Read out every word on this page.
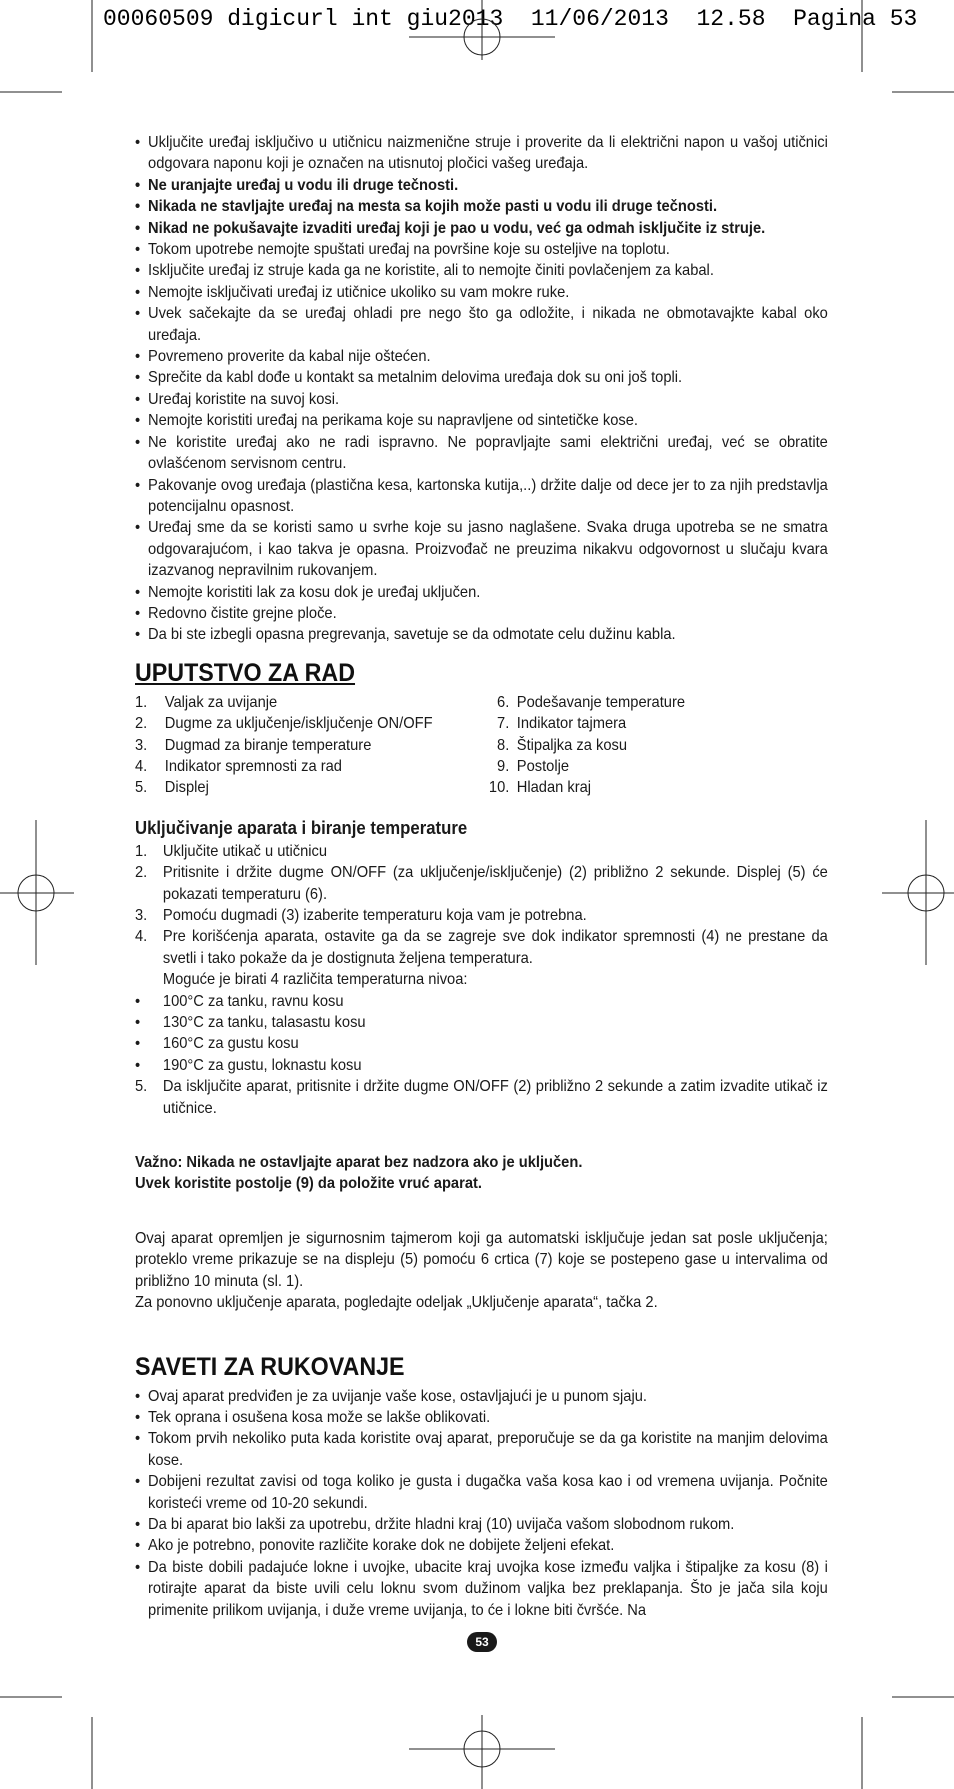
00060509 digicurl int giu2013  11/06/2013  12.58  Pagina 53
• Uključite uređaj isključivo u utičnicu naizmenične struje i proverite da li električni napon u vašoj utičnici odgovara naponu koji je označen na utisnutoj pločici vašeg uređaja.
• Ne uranjajte uređaj u vodu ili druge tečnosti.
• Nikada ne stavljajte uređaj na mesta sa kojih može pasti u vodu ili druge tečnosti.
• Nikad ne pokušavajte izvaditi uređaj koji je pao u vodu, već ga odmah isključite iz struje.
• Tokom upotrebe nemojte spuštati uređaj na površine koje su osteljive na toplotu.
• Isključite uređaj iz struje kada ga ne koristite, ali to nemojte činiti povlačenjem za kabal.
• Nemojte isključivati uređaj iz utičnice ukoliko su vam mokre ruke.
• Uvek sačekajte da se uređaj ohladi pre nego što ga odložite, i nikada ne obmotavajkte kabal oko uređaja.
• Povremeno proverite da kabal nije oštećen.
• Sprečite da kabl dođe u kontakt sa metalnim delovima uređaja dok su oni još topli.
• Uređaj koristite na suvoj kosi.
• Nemojte koristiti uređaj na perikama koje su napravljene od sintetičke kose.
• Ne koristite uređaj ako ne radi ispravno. Ne popravljajte sami električni uređaj, već se obratite ovlašćenom servisnom centru.
• Pakovanje ovog uređaja (plastična kesa, kartonska kutija,..) držite dalje od dece jer to za njih predstavlja potencijalnu opasnost.
• Uređaj sme da se koristi samo u svrhe koje su jasno naglašene. Svaka druga upotreba se ne smatra odgovarajućom, i kao takva je opasna. Proizvođač ne preuzima nikakvu odgovornost u slučaju kvara izazvanog nepravilnim rukovanjem.
• Nemojte koristiti lak za kosu dok je uređaj uključen.
• Redovno čistite grejne ploče.
• Da bi ste izbegli opasna pregrevanja, savetuje se da odmotate celu dužinu kabla.
UPUTSTVO ZA RAD
1.	Valjak za uvijanje
2.	Dugme za uključenje/isključenje ON/OFF
3.	Dugmad za biranje temperature
4.	Indikator spremnosti za rad
5.	Displej
6. Podešavanje temperature
7. Indikator tajmera
8. Štipaljka za kosu
9. Postolje
10. Hladan kraj
Uključivanje aparata i biranje temperature
1. Uključite utikač u utičnicu
2. Pritisnite i držite dugme ON/OFF (za uključenje/isključenje) (2) približno 2 sekunde. Displej (5) će pokazati temperaturu (6).
3. Pomoću dugmadi (3) izaberite temperaturu koja vam je potrebna.
4. Pre korišćenja aparata, ostavite ga da se zagreje sve dok indikator spremnosti (4) ne prestane da svetli i tako pokaže da je dostignuta željena temperatura.
Moguće je birati 4 različita temperaturna nivoa:
• 100°C za tanku, ravnu kosu
• 130°C za tanku, talasastu kosu
• 160°C za gustu kosu
• 190°C za gustu, loknastu kosu
5. Da isključite aparat, pritisnite i držite dugme ON/OFF (2) približno 2 sekunde a zatim izvadite utikač iz utičnice.
Važno: Nikada ne ostavljajte aparat bez nadzora ako je uključen.
Uvek koristite postolje (9) da položite vruć aparat.
Ovaj aparat opremljen je sigurnosnim tajmerom koji ga automatski isključuje jedan sat posle uključenja; proteklo vreme prikazuje se na displeju (5) pomoću 6 crtica (7) koje se postepeno gase u intervalima od približno 10 minuta (sl. 1).
Za ponovno uključenje aparata, pogledajte odeljak „Uključenje aparata“, tačka 2.
SAVETI ZA RUKOVANJE
• Ovaj aparat predviđen je za uvijanje vaše kose, ostavljajući je u punom sjaju.
• Tek oprana i osušena kosa može se lakše oblikovati.
• Tokom prvih nekoliko puta kada koristite ovaj aparat, preporučuje se da ga koristite na manjim delovima kose.
• Dobijeni rezultat zavisi od toga koliko je gusta i dugačka vaša kosa kao i od vremena uvijanja. Počnite koristeći vreme od 10-20 sekundi.
• Da bi aparat bio lakši za upotrebu, držite hladni kraj (10) uvijača vašom slobodnom rukom.
• Ako je potrebno, ponovite različite korake dok ne dobijete željeni efekat.
• Da biste dobili padajuće lokne i uvojke, ubacite kraj uvojka kose između valjka i štipaljke za kosu (8) i rotirajte aparat da biste uvili celu loknu svom dužinom valjka bez preklapanja. Što je jača sila koju primenite prilikom uvijanja, i duže vreme uvijanja, to će i lokne biti čvršće. Na
53
